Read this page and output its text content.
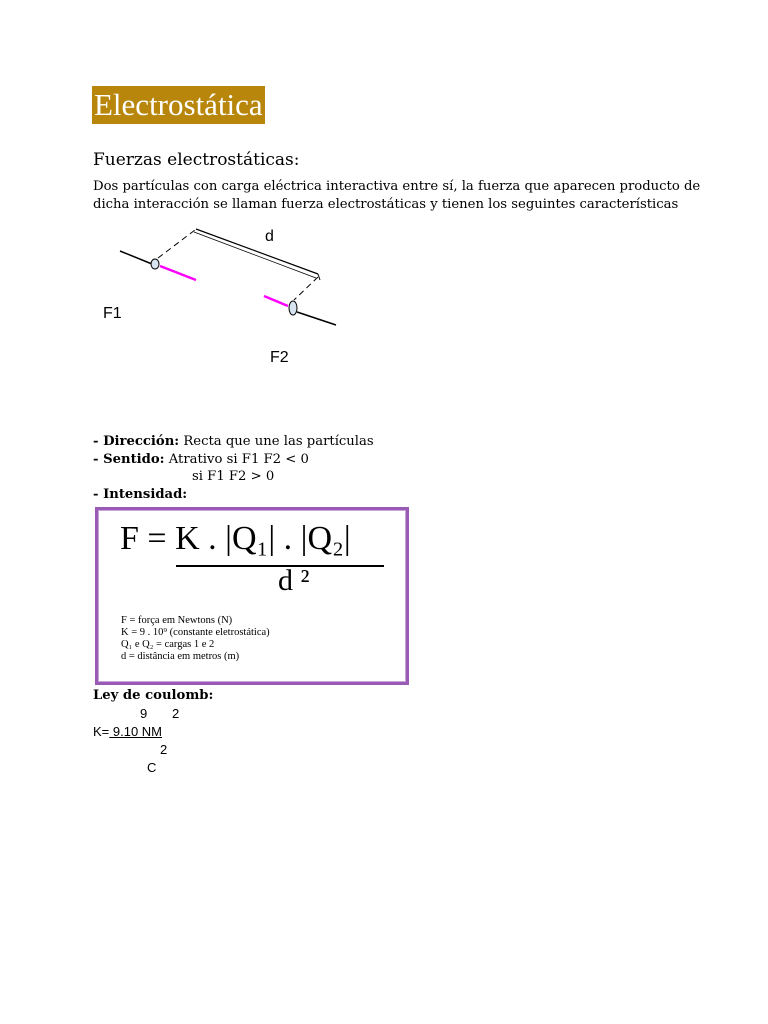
Electrostática
Fuerzas electrostáticas:
Dos partículas con carga eléctrica interactiva entre sí, la fuerza que aparecen producto de
dicha interacción se llaman fuerza electrostáticas y tienen los seguintes características
d
F1
F2
- Dirección: Recta que une las partículas
- Sentido: Atrativo si F1 F2 < 0
si F1 F2 > 0
- Intensidad:
F = K . |Q₁| . |Q₂|
d ²
F = força em Newtons (N)
K = 9 . 10⁹ (constante eletrostática)
Q₁ e Q₂ = cargas 1 e 2
d = distância em metros (m)
Ley de coulomb:
9 2
K= 9.10 NM
2
C
